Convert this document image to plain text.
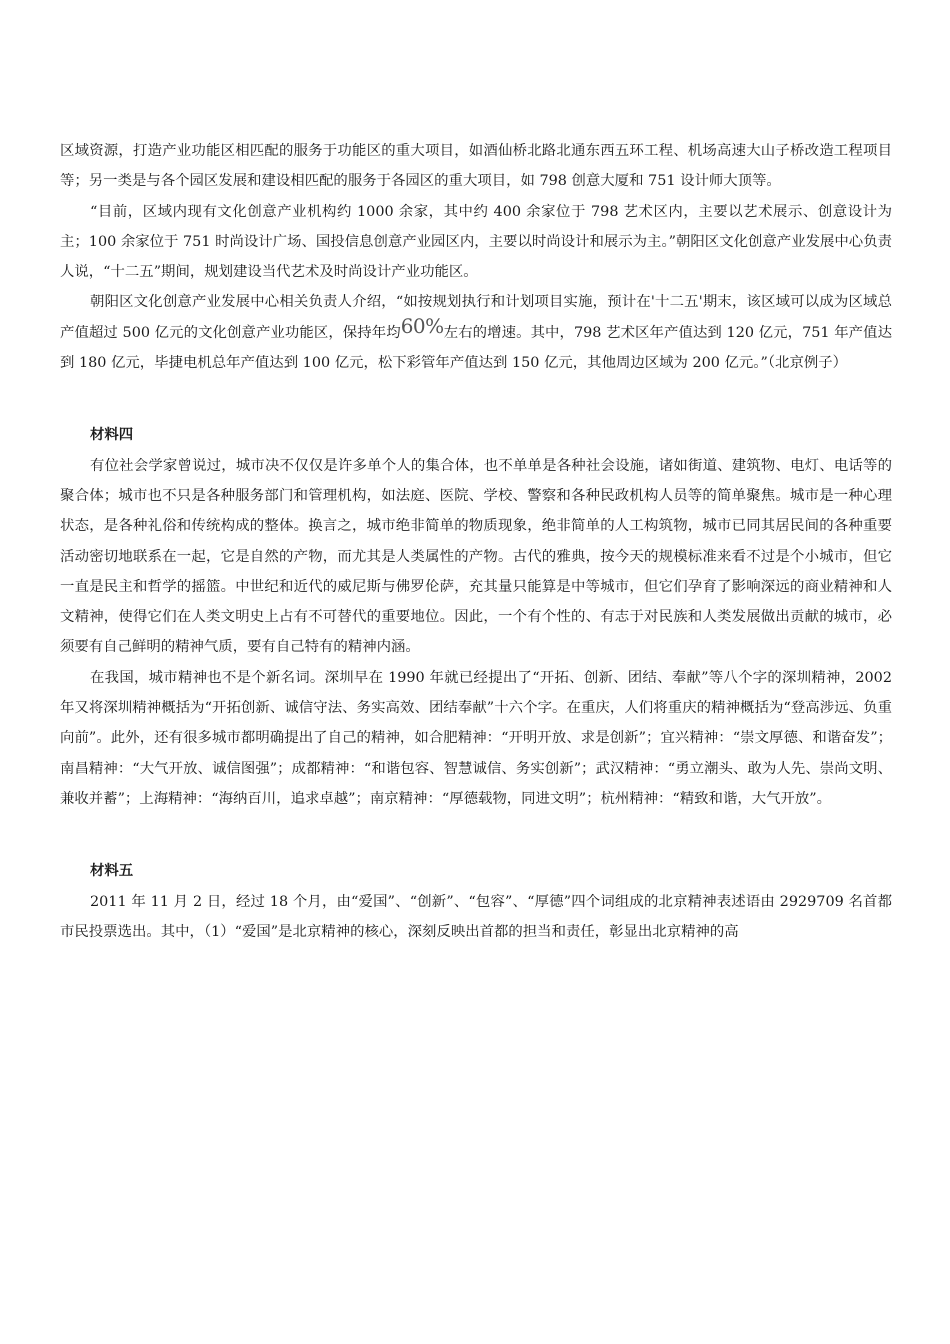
区域资源，打造产业功能区相匹配的服务于功能区的重大项目，如酒仙桥北路北通东西五环工程、机场高速大山子桥改造工程项目等；另一类是与各个园区发展和建设相匹配的服务于各园区的重大项目，如 798 创意大厦和 751 设计师大顶等。

“目前，区域内现有文化创意产业机构约 1000 余家，其中约 400 余家位于 798 艺术区内，主要以艺术展示、创意设计为主；100 余家位于 751 时尚设计广场、国投信息创意产业园区内，主要以时尚设计和展示为主。”朝阳区文化创意产业发展中心负责人说，“十二五”期间，规划建设当代艺术及时尚设计产业功能区。

朝阳区文化创意产业发展中心相关负责人介绍，“如按规划执行和计划项目实施，预计在'十二五'期末，该区域可以成为区域总产值超过 500 亿元的文化创意产业功能区，保持年均60%左右的增速。其中，798 艺术区年产值达到 120 亿元，751 年产值达到 180 亿元，毕捷电机总年产值达到 100 亿元，松下彩管年产值达到 150 亿元，其他周边区域为 200 亿元。”（北京例子）

材料四

有位社会学家曾说过，城市决不仅仅是许多单个人的集合体，也不单单是各种社会设施，诸如街道、建筑物、电灯、电话等的聚合体；城市也不只是各种服务部门和管理机构，如法庭、医院、学校、警察和各种民政机构人员等的简单聚焦。城市是一种心理状态，是各种礼俗和传统构成的整体。换言之，城市绝非简单的物质现象，绝非简单的人工构筑物，城市已同其居民间的各种重要活动密切地联系在一起，它是自然的产物，而尤其是人类属性的产物。古代的雅典，按今天的规模标准来看不过是个小城市，但它一直是民主和哲学的摇篮。中世纪和近代的威尼斯与佛罗伦萨，充其量只能算是中等城市，但它们孕育了影响深远的商业精神和人文精神，使得它们在人类文明史上占有不可替代的重要地位。因此，一个有个性的、有志于对民族和人类发展做出贡献的城市，必须要有自己鲜明的精神气质，要有自己特有的精神内涵。

在我国，城市精神也不是个新名词。深圳早在 1990 年就已经提出了“开拓、创新、团结、奉献”等八个字的深圳精神，2002 年又将深圳精神概括为“开拓创新、诚信守法、务实高效、团结奉献”十六个字。在重庆，人们将重庆的精神概括为“登高涉远、负重向前”。此外，还有很多城市都明确提出了自己的精神，如合肥精神：“开明开放、求是创新”；宜兴精神：“崇文厚德、和谐奋发”；南昌精神：“大气开放、诚信图强”；成都精神：“和谐包容、智慧诚信、务实创新”；武汉精神：“勇立潮头、敢为人先、崇尚文明、兼收并蓄”；上海精神：“海纳百川，追求卓越”；南京精神：“厚德载物，同进文明”；杭州精神：“精致和谐，大气开放”。

材料五

2011 年 11 月 2 日，经过 18 个月，由“爱国”、“创新”、“包容”、“厚德”四个词组成的北京精神表述语由 2929709 名首都市民投票选出。其中，（1）“爱国”是北京精神的核心，深刻反映出首都的担当和责任，彰显出北京精神的高
